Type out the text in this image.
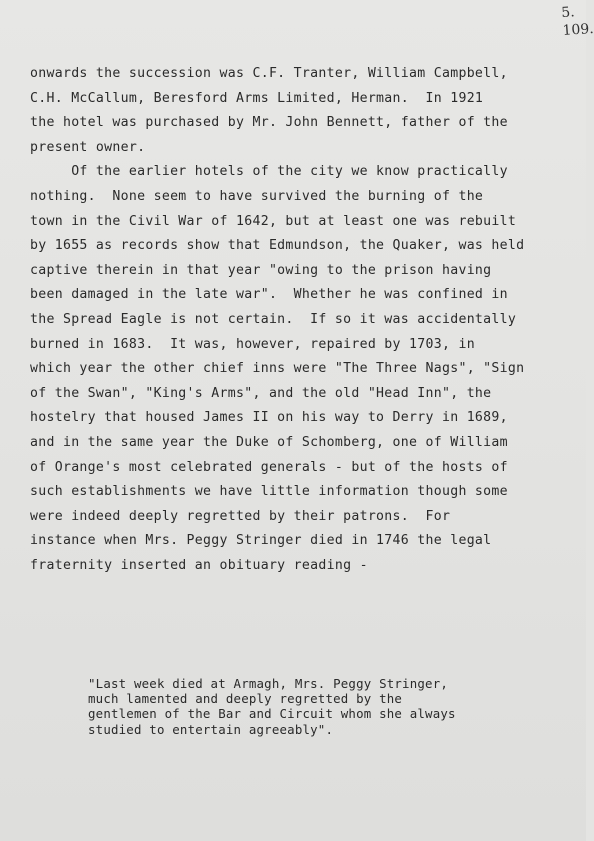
5.
109.
onwards the succession was C.F. Tranter, William Campbell,
C.H. McCallum, Beresford Arms Limited, Herman.  In 1921
the hotel was purchased by Mr. John Bennett, father of the
present owner.
Of the earlier hotels of the city we know practically
nothing.  None seem to have survived the burning of the
town in the Civil War of 1642, but at least one was rebuilt
by 1655 as records show that Edmundson, the Quaker, was held
captive therein in that year "owing to the prison having
been damaged in the late war".  Whether he was confined in
the Spread Eagle is not certain.  If so it was accidentally
burned in 1683.  It was, however, repaired by 1703, in
which year the other chief inns were "The Three Nags", "Sign
of the Swan", "King's Arms", and the old "Head Inn", the
hostelry that housed James II on his way to Derry in 1689,
and in the same year the Duke of Schomberg, one of William
of Orange's most celebrated generals - but of the hosts of
such establishments we have little information though some
were indeed deeply regretted by their patrons.  For
instance when Mrs. Peggy Stringer died in 1746 the legal
fraternity inserted an obituary reading -
"Last week died at Armagh, Mrs. Peggy Stringer,
much lamented and deeply regretted by the
gentlemen of the Bar and Circuit whom she always
studied to entertain agreeably".
